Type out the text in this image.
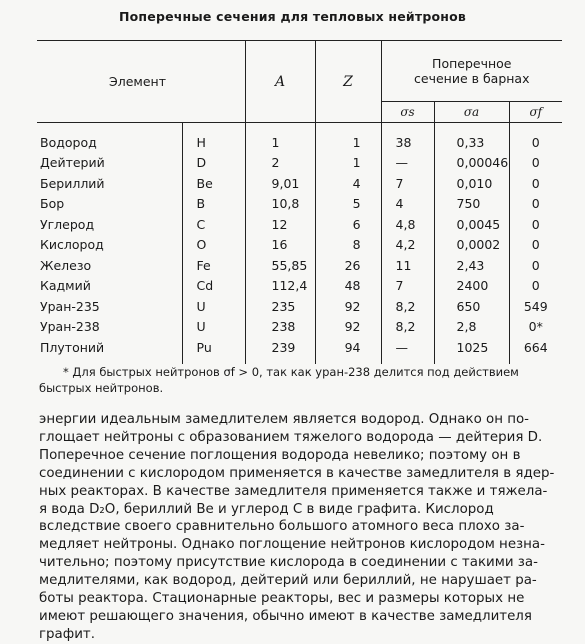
Поперечные сечения для тепловых нейтронов
Элемент		A	Z	Поперечное сечение в барнах		
				σs	σa	σf
Водород	H	1	1	38	0,33	0
Дейтерий	D	2	1	—	0,00046	0
Бериллий	Be	9,01	4	7	0,010	0
Бор	B	10,8	5	4	750	0
Углерод	C	12	6	4,8	0,0045	0
Кислород	O	16	8	4,2	0,0002	0
Железо	Fe	55,85	26	11	2,43	0
Кадмий	Cd	112,4	48	7	2400	0
Уран-235	U	235	92	8,2	650	549
Уран-238	U	238	92	8,2	2,8	0*
Плутоний	Pu	239	94	—	1025	664
* Для быстрых нейтронов σf > 0, так как уран-238 делится под действием быстрых нейтронов.
энергии идеальным замедлителем является водород. Однако он по-
глощает нейтроны с образованием тяжелого водорода — дейтерия D.
Поперечное сечение поглощения водорода невелико; поэтому он в
соединении с кислородом применяется в качестве замедлителя в ядер-
ных реакторах. В качестве замедлителя применяется также и тяжела-
я вода D₂O, бериллий Be и углерод C в виде графита. Кислород
вследствие своего сравнительно большого атомного веса плохо за-
медляет нейтроны. Однако поглощение нейтронов кислородом незна-
чительно; поэтому присутствие кислорода в соединении с такими за-
медлителями, как водород, дейтерий или бериллий, не нарушает ра-
боты реактора. Стационарные реакторы, вес и размеры которых не
имеют решающего значения, обычно имеют в качестве замедлителя
графит.
